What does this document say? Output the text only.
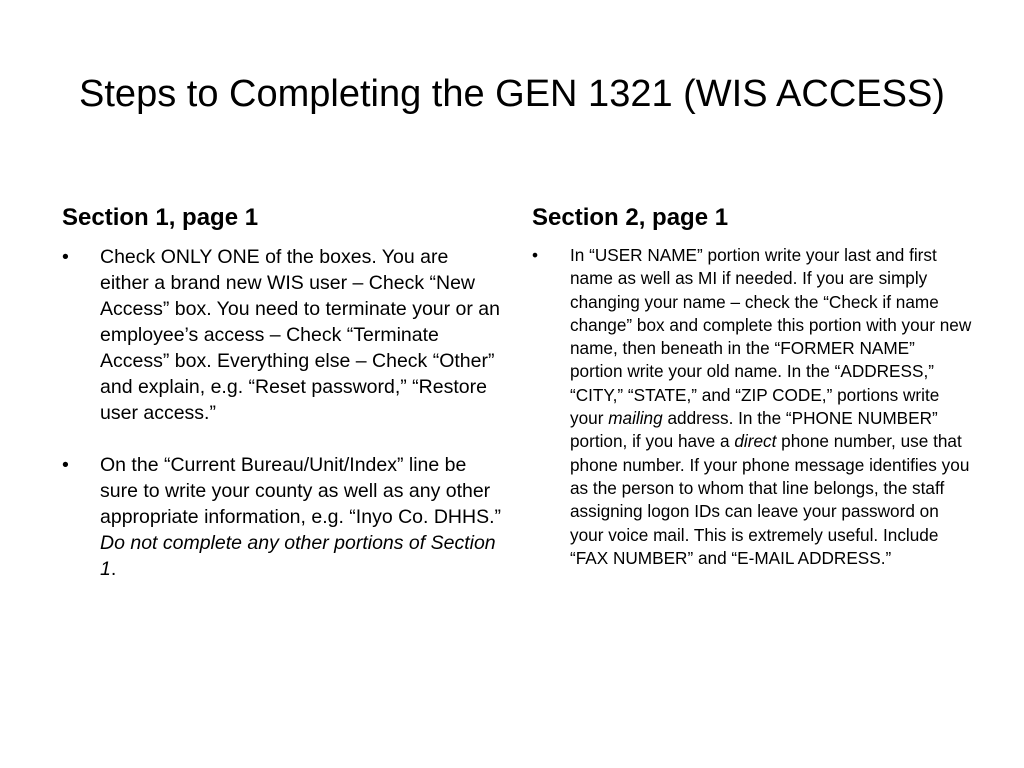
Steps to Completing the GEN 1321 (WIS ACCESS)
Section 1, page 1
• Check ONLY ONE of the boxes. You are either a brand new WIS user – Check “New Access” box. You need to terminate your or an employee’s access – Check “Terminate Access” box. Everything else – Check “Other” and explain, e.g. “Reset password,” “Restore user access.”
• On the “Current Bureau/Unit/Index” line be sure to write your county as well as any other appropriate information, e.g. “Inyo Co. DHHS.” Do not complete any other portions of Section 1.
Section 2, page 1
• In “USER NAME” portion write your last and first name as well as MI if needed. If you are simply changing your name – check the “Check if name change” box and complete this portion with your new name, then beneath in the “FORMER NAME” portion write your old name. In the “ADDRESS,” “CITY,” “STATE,” and “ZIP CODE,” portions write your mailing address. In the “PHONE NUMBER” portion, if you have a direct phone number, use that phone number. If your phone message identifies you as the person to whom that line belongs, the staff assigning logon IDs can leave your password on your voice mail. This is extremely useful. Include “FAX NUMBER” and “E-MAIL ADDRESS.”
